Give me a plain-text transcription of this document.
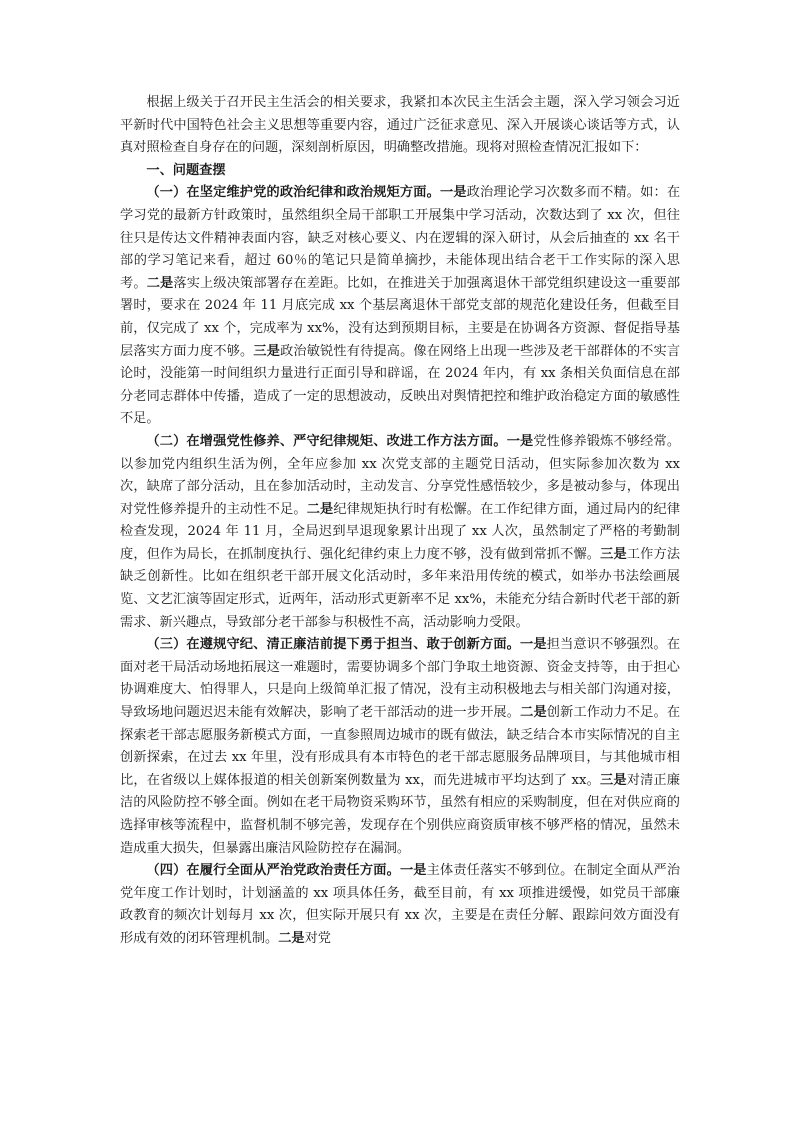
根据上级关于召开民主生活会的相关要求，我紧扣本次民主生活会主题，深入学习领会习近平新时代中国特色社会主义思想等重要内容，通过广泛征求意见、深入开展谈心谈话等方式，认真对照检查自身存在的问题，深刻剖析原因，明确整改措施。现将对照检查情况汇报如下：

一、问题查摆

（一）在坚定维护党的政治纪律和政治规矩方面。一是政治理论学习次数多而不精。如：在学习党的最新方针政策时，虽然组织全局干部职工开展集中学习活动，次数达到了 xx 次，但往往只是传达文件精神表面内容，缺乏对核心要义、内在逻辑的深入研讨，从会后抽查的 xx 名干部的学习笔记来看，超过 60％的笔记只是简单摘抄，未能体现出结合老干工作实际的深入思考。二是落实上级决策部署存在差距。比如，在推进关于加强离退休干部党组织建设这一重要部署时，要求在 2024 年 11 月底完成 xx 个基层离退休干部党支部的规范化建设任务，但截至目前，仅完成了 xx 个，完成率为 xx%，没有达到预期目标，主要是在协调各方资源、督促指导基层落实方面力度不够。三是政治敏锐性有待提高。像在网络上出现一些涉及老干部群体的不实言论时，没能第一时间组织力量进行正面引导和辟谣，在 2024 年内，有 xx 条相关负面信息在部分老同志群体中传播，造成了一定的思想波动，反映出对舆情把控和维护政治稳定方面的敏感性不足。

（二）在增强党性修养、严守纪律规矩、改进工作方法方面。一是党性修养锻炼不够经常。以参加党内组织生活为例，全年应参加 xx 次党支部的主题党日活动，但实际参加次数为 xx 次，缺席了部分活动，且在参加活动时，主动发言、分享党性感悟较少，多是被动参与，体现出对党性修养提升的主动性不足。二是纪律规矩执行时有松懈。在工作纪律方面，通过局内的纪律检查发现，2024 年 11 月，全局迟到早退现象累计出现了 xx 人次，虽然制定了严格的考勤制度，但作为局长，在抓制度执行、强化纪律约束上力度不够，没有做到常抓不懈。三是工作方法缺乏创新性。比如在组织老干部开展文化活动时，多年来沿用传统的模式，如举办书法绘画展览、文艺汇演等固定形式，近两年，活动形式更新率不足 xx%，未能充分结合新时代老干部的新需求、新兴趣点，导致部分老干部参与积极性不高，活动影响力受限。

（三）在遵规守纪、清正廉洁前提下勇于担当、敢于创新方面。一是担当意识不够强烈。在面对老干局活动场地拓展这一难题时，需要协调多个部门争取土地资源、资金支持等，由于担心协调难度大、怕得罪人，只是向上级简单汇报了情况，没有主动积极地去与相关部门沟通对接，导致场地问题迟迟未能有效解决，影响了老干部活动的进一步开展。二是创新工作动力不足。在探索老干部志愿服务新模式方面，一直参照周边城市的既有做法，缺乏结合本市实际情况的自主创新探索，在过去 xx 年里，没有形成具有本市特色的老干部志愿服务品牌项目，与其他城市相比，在省级以上媒体报道的相关创新案例数量为 xx，而先进城市平均达到了 xx。三是对清正廉洁的风险防控不够全面。例如在老干局物资采购环节，虽然有相应的采购制度，但在对供应商的选择审核等流程中，监督机制不够完善，发现存在个别供应商资质审核不够严格的情况，虽然未造成重大损失，但暴露出廉洁风险防控存在漏洞。

（四）在履行全面从严治党政治责任方面。一是主体责任落实不够到位。在制定全面从严治党年度工作计划时，计划涵盖的 xx 项具体任务，截至目前，有 xx 项推进缓慢，如党员干部廉政教育的频次计划每月 xx 次，但实际开展只有 xx 次，主要是在责任分解、跟踪问效方面没有形成有效的闭环管理机制。二是对党
